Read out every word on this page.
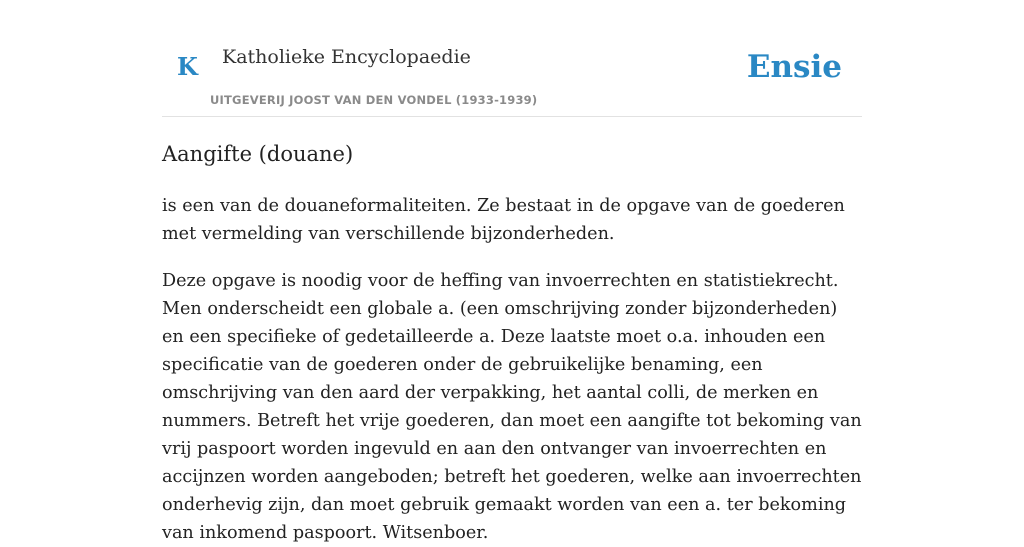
K Katholieke Encyclopaedie
UITGEVERIJ JOOST VAN DEN VONDEL (1933-1939)
Ensie
Aangifte (douane)

is een van de douaneformaliteiten. Ze bestaat in de opgave van de goederen met vermelding van verschillende bijzonderheden.

Deze opgave is noodig voor de heffing van invoerrechten en statistiekrecht. Men onderscheidt een globale a. (een omschrijving zonder bijzonderheden) en een specifieke of gedetailleerde a. Deze laatste moet o.a. inhouden een specificatie van de goederen onder de gebruikelijke benaming, een omschrijving van den aard der verpakking, het aantal colli, de merken en nummers. Betreft het vrije goederen, dan moet een aangifte tot bekoming van vrij paspoort worden ingevuld en aan den ontvanger van invoerrechten en accijnzen worden aangeboden; betreft het goederen, welke aan invoerrechten onderhevig zijn, dan moet gebruik gemaakt worden van een a. ter bekoming van inkomend paspoort. Witsenboer.
